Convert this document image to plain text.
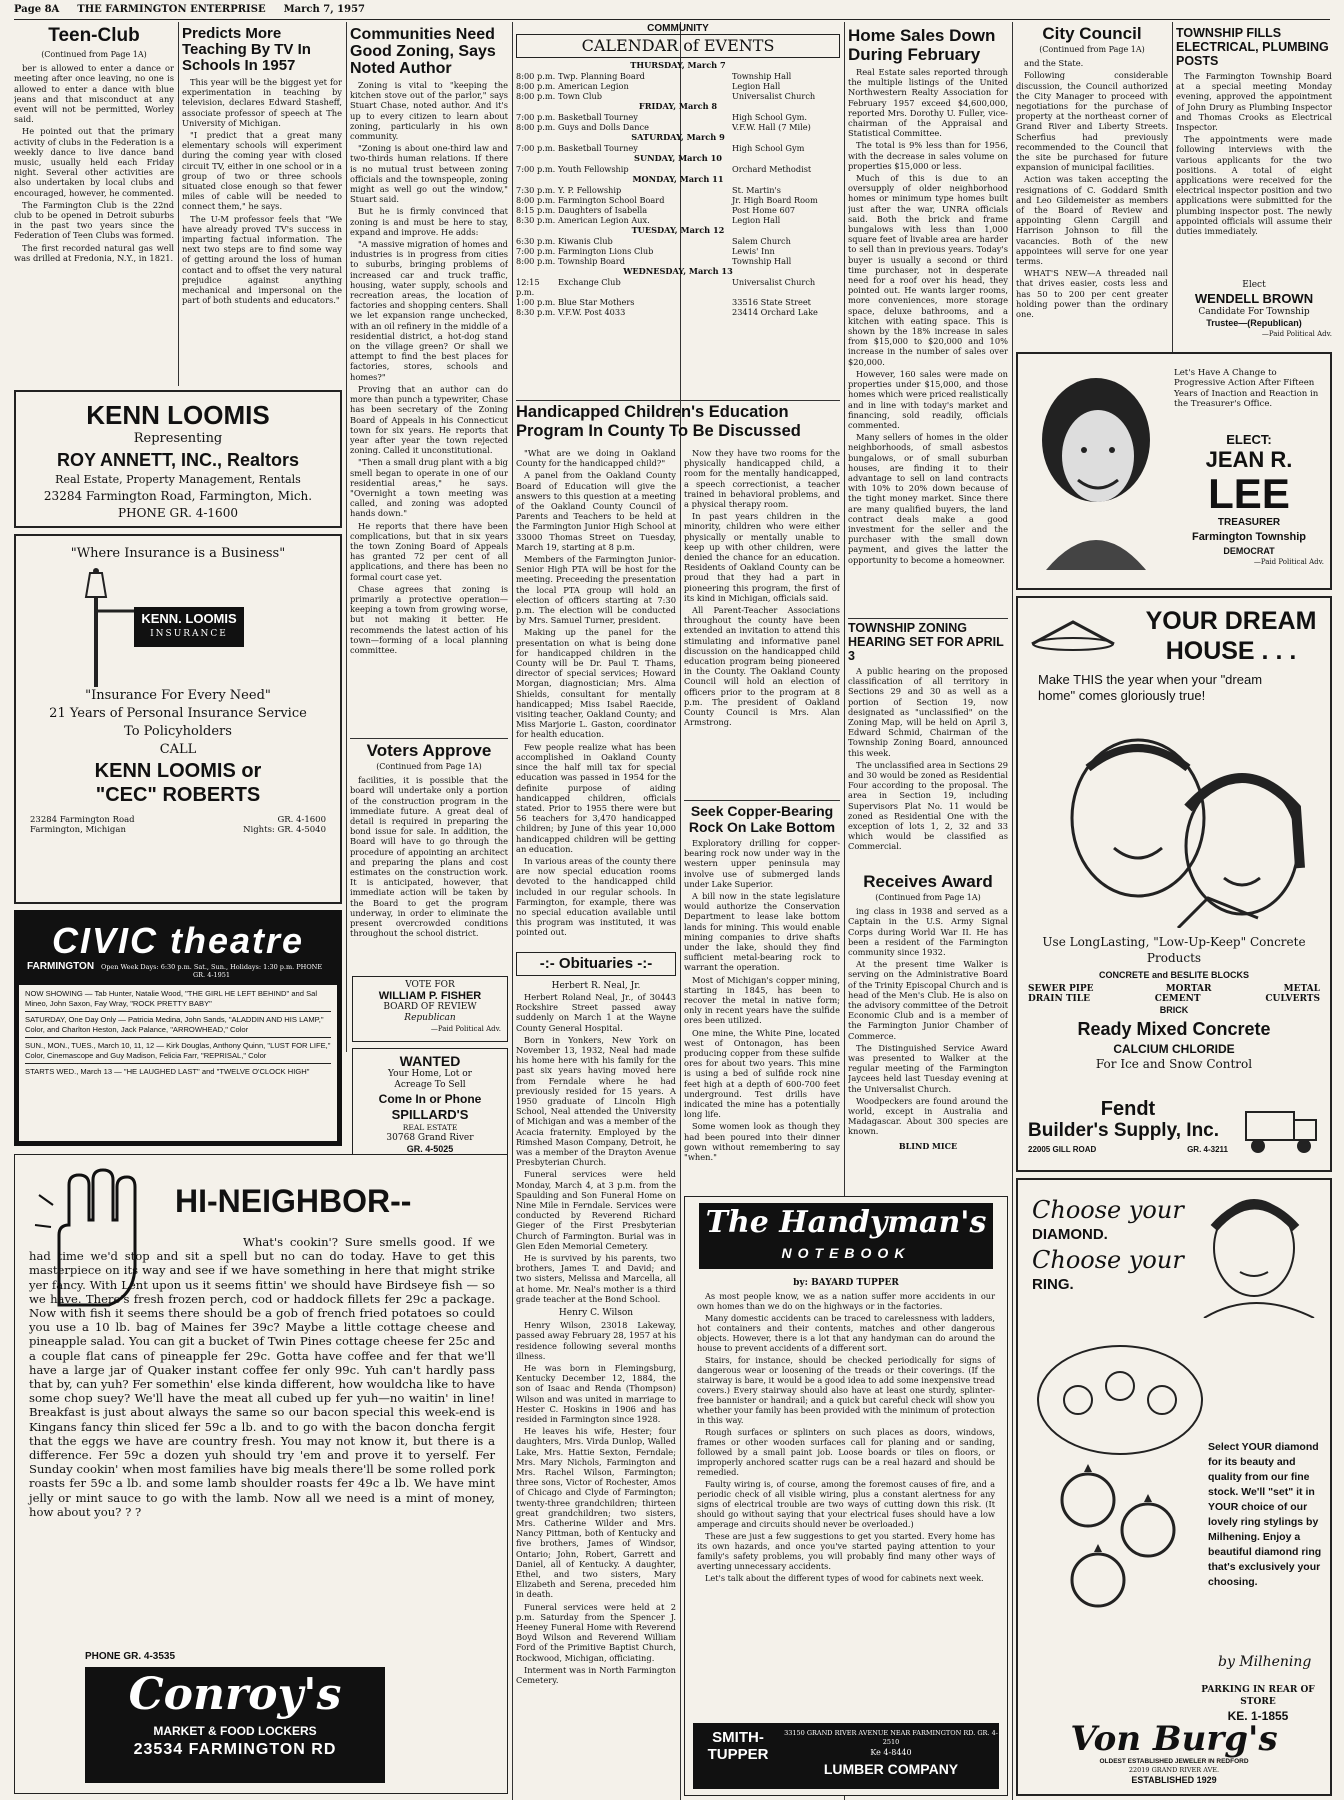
Page 8A THE FARMINGTON ENTERPRISE March 7, 1957
Teen-Club
(Continued from Page 1A)

ber is allowed to enter a dance or meeting after once leaving, no one is allowed to enter a dance with blue jeans and that misconduct at any event will not be permitted, Worley said.

He pointed out that the primary activity of clubs in the Federation is a weekly dance to live dance band music, usually held each Friday night. Several other activities are also undertaken by local clubs and encouraged, however, he commented.

The Farmington Club is the 22nd club to be opened in Detroit suburbs in the past two years since the Federation of Teen Clubs was formed.

The first recorded natural gas well was drilled at Fredonia, N.Y., in 1821.

Predicts More Teaching By TV In Schools In 1957

This year will be the biggest yet for experimentation in teaching by television, declares Edward Stasheff, associate professor of speech at The University of Michigan.

"I predict that a great many elementary schools will experiment during the coming year with closed circuit TV, either in one school or in a group of two or three schools situated close enough so that fewer miles of cable will be needed to connect them," he says.

The U-M professor feels that "We have already proved TV's success in imparting factual information. The next two steps are to find some way of getting around the loss of human contact and to offset the very natural prejudice against anything mechanical and impersonal on the part of both students and educators."

KENN LOOMIS
Representing
ROY ANNETT, INC., Realtors
Real Estate, Property Management, Rentals
23284 Farmington Road, Farmington, Mich.
PHONE GR. 4-1600
"Where Insurance is a Business"
KENN. LOOMIS
INSURANCE
"Insurance For Every Need"
21 Years of Personal Insurance Service
To Policyholders
CALL
KENN LOOMIS or
"CEC" ROBERTS
23284 Farmington Road
Farmington, Michigan
GR. 4-1600
Nights: GR. 4-5040
CIVIC theatre
FARMINGTON	Open Week Days: 6:30 p.m. Sat., Sun., Holidays: 1:30 p.m. PHONE GR. 4-1951
NOW SHOWING — Tab Hunter, Natalie Wood, "THE GIRL HE LEFT BEHIND" and Sal Mineo, John Saxon, Fay Wray, "ROCK PRETTY BABY"
SATURDAY, One Day Only — Patricia Medina, John Sands, "ALADDIN AND HIS LAMP," Color, and Charlton Heston, Jack Palance, "ARROWHEAD," Color
SUN., MON., TUES., March 10, 11, 12 — Kirk Douglas, Anthony Quinn, "LUST FOR LIFE," Color, Cinemascope and Guy Madison, Felicia Farr, "REPRISAL," Color
STARTS WED., March 13 — "HE LAUGHED LAST" and "TWELVE O'CLOCK HIGH"
Communities Need Good Zoning, Says Noted Author

Zoning is vital to "keeping the kitchen stove out of the parlor," says Stuart Chase, noted author. And it's up to every citizen to learn about zoning, particularly in his own community.

"Zoning is about one-third law and two-thirds human relations. If there is no mutual trust between zoning officials and the townspeople, zoning might as well go out the window," Stuart said.

But he is firmly convinced that zoning is and must be here to stay, expand and improve. He adds:

"A massive migration of homes and industries is in progress from cities to suburbs, bringing problems of increased car and truck traffic, housing, water supply, schools and recreation areas, the location of factories and shopping centers. Shall we let expansion range unchecked, with an oil refinery in the middle of a residential district, a hot-dog stand on the village green? Or shall we attempt to find the best places for factories, stores, schools and homes?"

Proving that an author can do more than punch a typewriter, Chase has been secretary of the Zoning Board of Appeals in his Connecticut town for six years. He reports that year after year the town rejected zoning. Called it unconstitutional.

"Then a small drug plant with a big smell began to operate in one of our residential areas," he says. "Overnight a town meeting was called, and zoning was adopted hands down."

He reports that there have been complications, but that in six years the town Zoning Board of Appeals has granted 72 per cent of all applications, and there has been no formal court case yet.

Chase agrees that zoning is primarily a protective operation—keeping a town from growing worse, but not making it better. He recommends the latest action of his town—forming of a local planning committee.

Voters Approve
(Continued from Page 1A)

facilities, it is possible that the board will undertake only a portion of the construction program in the immediate future. A great deal of detail is required in preparing the bond issue for sale. In addition, the Board will have to go through the procedure of appointing an architect and preparing the plans and cost estimates on the construction work. It is anticipated, however, that immediate action will be taken by the Board to get the program underway, in order to eliminate the present overcrowded conditions throughout the school district.

VOTE FOR
WILLIAM P. FISHER
BOARD OF REVIEW
Republican
—Paid Political Adv.
WANTED
Your Home, Lot or
Acreage To Sell
Come In or Phone
SPILLARD'S
REAL ESTATE
30768 Grand River
GR. 4-5025
HI-NEIGHBOR--
What's cookin'? Sure smells good. If we had time we'd stop and sit a spell but no can do today. Have to get this masterpiece on its way and see if we have something in here that might strike yer fancy. With Lent upon us it seems fittin' we should have Birdseye fish — so we have. There's fresh frozen perch, cod or haddock fillets fer 29c a package. Now with fish it seems there should be a gob of french fried potatoes so could you use a 10 lb. bag of Maines fer 39c? Maybe a little cottage cheese and pineapple salad. You can git a bucket of Twin Pines cottage cheese fer 25c and a couple flat cans of pineapple fer 29c. Gotta have coffee and fer that we'll have a large jar of Quaker instant coffee fer only 99c. Yuh can't hardly pass that by, can yuh? Fer somethin' else kinda different, how wouldcha like to have some chop suey? We'll have the meat all cubed up fer yuh—no waitin' in line! Breakfast is just about always the same so our bacon special this week-end is Kingans fancy thin sliced fer 59c a lb. and to go with the bacon doncha fergit that the eggs we have are country fresh. You may not know it, but there is a difference. Fer 59c a dozen yuh should try 'em and prove it to yerself. Fer Sunday cookin' when most families have big meals there'll be some rolled pork roasts fer 59c a lb. and some lamb shoulder roasts fer 49c a lb. We have mint jelly or mint sauce to go with the lamb. Now all we need is a mint of money, how about you? ? ?
PHONE GR. 4-3535
Conroy's
MARKET & FOOD LOCKERS
23534 FARMINGTON RD
COMMUNITY
CALENDAR of EVENTS
THURSDAY, March 7
8:00 p.m. Twp. Planning Board	Township Hall
8:00 p.m. American Legion	Legion Hall
8:00 p.m. Town Club	Universalist Church
FRIDAY, March 8
7:00 p.m. Basketball Tourney	High School Gym.
8:00 p.m. Guys and Dolls Dance	V.F.W. Hall (7 Mile)
SATURDAY, March 9
7:00 p.m. Basketball Tourney	High School Gym
SUNDAY, March 10
7:00 p.m. Youth Fellowship	Orchard Methodist
MONDAY, March 11
7:30 p.m. Y. P. Fellowship	St. Martin's
8:00 p.m. Farmington School Board	Jr. High Board Room
8:15 p.m. Daughters of Isabella	Post Home 607
8:30 p.m. American Legion Aux.	Legion Hall
TUESDAY, March 12
6:30 p.m. Kiwanis Club	Salem Church
7:00 p.m. Farmington Lions Club	Lewis' Inn
8:00 p.m. Township Board	Township Hall
WEDNESDAY, March 13
12:15 p.m.
Exchange Club	Universalist Church
1:00 p.m. Blue Star Mothers	33516 State Street
8:30 p.m. V.F.W. Post 4033	23414 Orchard Lake
Handicapped Children's Education Program In County To Be Discussed

"What are we doing in Oakland County for the handicapped child?"

A panel from the Oakland County Board of Education will give the answers to this question at a meeting of the Oakland County Council of Parents and Teachers to be held at the Farmington Junior High School at 33000 Thomas Street on Tuesday, March 19, starting at 8 p.m.

Members of the Farmington Junior-Senior High PTA will be host for the meeting. Preceeding the presentation the local PTA group will hold an election of officers starting at 7:30 p.m. The election will be conducted by Mrs. Samuel Turner, president.

Making up the panel for the presentation on what is being done for handicapped children in the County will be Dr. Paul T. Thams, director of special services; Howard Morgan, diagnostician; Mrs. Alma Shields, consultant for mentally handicapped; Miss Isabel Raecide, visiting teacher, Oakland County; and Miss Marjorie L. Gaston, coordinator for health education.

Few people realize what has been accomplished in Oakland County since the half mill tax for special education was passed in 1954 for the definite purpose of aiding handicapped children, officials stated. Prior to 1955 there were but 56 teachers for 3,470 handicapped children; by June of this year 10,000 handicapped children will be getting an education.

In various areas of the county there are now special education rooms devoted to the handicapped child included in our regular schools. In Farmington, for example, there was no special education available until this program was instituted, it was pointed out.

Now they have two rooms for the physically handicapped child, a room for the mentally handicapped, a speech correctionist, a teacher trained in behavioral problems, and a physical therapy room.

In past years children in the minority, children who were either physically or mentally unable to keep up with other children, were denied the chance for an education. Residents of Oakland County can be proud that they had a part in pioneering this program, the first of its kind in Michigan, officials said.

All Parent-Teacher Associations throughout the county have been extended an invitation to attend this stimulating and informative panel discussion on the handicapped child education program being pioneered in the County. The Oakland County Council will hold an election of officers prior to the program at 8 p.m. The president of Oakland County Council is Mrs. Alan Armstrong.

-:- Obituaries -:-
Herbert R. Neal, Jr.

Herbert Roland Neal, Jr., of 30443 Rockshire Street passed away suddenly on March 1 at the Wayne County General Hospital.

Born in Yonkers, New York on November 13, 1932, Neal had made his home here with his family for the past six years having moved here from Ferndale where he had previously resided for 15 years. A 1950 graduate of Lincoln High School, Neal attended the University of Michigan and was a member of the Acacia fraternity. Employed by the Rimshed Mason Company, Detroit, he was a member of the Drayton Avenue Presbyterian Church.

Funeral services were held Monday, March 4, at 3 p.m. from the Spaulding and Son Funeral Home on Nine Mile in Ferndale. Services were conducted by Reverend Richard Gieger of the First Presbyterian Church of Farmington. Burial was in Glen Eden Memorial Cemetery.

He is survived by his parents, two brothers, James T. and David; and two sisters, Melissa and Marcella, all at home. Mr. Neal's mother is a third grade teacher at the Bond School.

Henry C. Wilson

Henry Wilson, 23018 Lakeway, passed away February 28, 1957 at his residence following several months illness.

He was born in Flemingsburg, Kentucky December 12, 1884, the son of Isaac and Renda (Thompson) Wilson and was united in marriage to Hester C. Hoskins in 1906 and has resided in Farmington since 1928.

He leaves his wife, Hester; four daughters, Mrs. Virda Dunlop, Walled Lake, Mrs. Hattie Sexton, Ferndale; Mrs. Mary Nichols, Farmington and Mrs. Rachel Wilson, Farmington; three sons, Victor of Rochester, Amos of Chicago and Clyde of Farmington; twenty-three grandchildren; thirteen great grandchildren; two sisters, Mrs. Catherine Wilder and Mrs. Nancy Pittman, both of Kentucky and five brothers, James of Windsor, Ontario; John, Robert, Garrett and Daniel, all of Kentucky. A daughter, Ethel, and two sisters, Mary Elizabeth and Serena, preceded him in death.

Funeral services were held at 2 p.m. Saturday from the Spencer J. Heeney Funeral Home with Reverend Boyd Wilson and Reverend William Ford of the Primitive Baptist Church, Rockwood, Michigan, officiating.

Interment was in North Farmington Cemetery.

Seek Copper-Bearing Rock On Lake Bottom

Exploratory drilling for copper-bearing rock now under way in the western upper peninsula may involve use of submerged lands under Lake Superior.

A bill now in the state legislature would authorize the Conservation Department to lease lake bottom lands for mining. This would enable mining companies to drive shafts under the lake, should they find sufficient metal-bearing rock to warrant the operation.

Most of Michigan's copper mining, starting in 1845, has been to recover the metal in native form; only in recent years have the sulfide ores been utilized.

One mine, the White Pine, located west of Ontonagon, has been producing copper from these sulfide ores for about two years. This mine is using a bed of sulfide rock nine feet high at a depth of 600-700 feet underground. Test drills have indicated the mine has a potentially long life.

Some women look as though they had been poured into their dinner gown without remembering to say "when."

The Handyman's
NOTEBOOK
by: BAYARD TUPPER

As most people know, we as a nation suffer more accidents in our own homes than we do on the highways or in the factories.

Many domestic accidents can be traced to carelessness with ladders, hot containers and their contents, matches and other dangerous objects. However, there is a lot that any handyman can do around the house to prevent accidents of a different sort.

Stairs, for instance, should be checked periodically for signs of dangerous wear or loosening of the treads or their coverings. (If the stairway is bare, it would be a good idea to add some inexpensive tread covers.) Every stairway should also have at least one sturdy, splinter-free bannister or handrail; and a quick but careful check will show you whether your family has been provided with the minimum of protection in this way.

Rough surfaces or splinters on such places as doors, windows, frames or other wooden surfaces call for planing and or sanding, followed by a small paint job. Loose boards or tiles on floors, or improperly anchored scatter rugs can be a real hazard and should be remedied.

Faulty wiring is, of course, among the foremost causes of fire, and a periodic check of all visible wiring, plus a constant alertness for any signs of electrical trouble are two ways of cutting down this risk. (It should go without saying that your electrical fuses should have a low amperage and circuits should never be overloaded.)

These are just a few suggestions to get you started. Every home has its own hazards, and once you've started paying attention to your family's safety problems, you will probably find many other ways of averting unnecessary accidents.

Let's talk about the different types of wood for cabinets next week.

SMITH-
TUPPER
33150 GRAND RIVER AVENUE NEAR FARMINGTON RD. GR. 4-2510
Ke 4-8440
LUMBER COMPANY
Home Sales Down During February

Real Estate sales reported through the multiple listings of the United Northwestern Realty Association for February 1957 exceed $4,600,000, reported Mrs. Dorothy U. Fuller, vice-chairman of the Appraisal and Statistical Committee.

The total is 9% less than for 1956, with the decrease in sales volume on properties $15,000 or less.

Much of this is due to an oversupply of older neighborhood homes or minimum type homes built just after the war, UNRA officials said. Both the brick and frame bungalows with less than 1,000 square feet of livable area are harder to sell than in previous years. Today's buyer is usually a second or third time purchaser, not in desperate need for a roof over his head, they pointed out. He wants larger rooms, more conveniences, more storage space, deluxe bathrooms, and a kitchen with eating space. This is shown by the 18% increase in sales from $15,000 to $20,000 and 10% increase in the number of sales over $20,000.

However, 160 sales were made on properties under $15,000, and those homes which were priced realistically and in line with today's market and financing, sold readily, officials commented.

Many sellers of homes in the older neighborhoods, of small asbestos bungalows, or of small suburban houses, are finding it to their advantage to sell on land contracts with 10% to 20% down because of the tight money market. Since there are many qualified buyers, the land contract deals make a good investment for the seller and the purchaser with the small down payment, and gives the latter the opportunity to become a homeowner.

TOWNSHIP ZONING HEARING SET FOR APRIL 3

A public hearing on the proposed classification of all territory in Sections 29 and 30 as well as a portion of Section 19, now designated as "unclassified" on the Zoning Map, will be held on April 3, Edward Schmid, Chairman of the Township Zoning Board, announced this week.

The unclassified area in Sections 29 and 30 would be zoned as Residential Four according to the proposal. The area in Section 19, including Supervisors Plat No. 11 would be zoned as Residential One with the exception of lots 1, 2, 32 and 33 which would be classified as Commercial.

Receives Award
(Continued from Page 1A)

ing class in 1938 and served as a Captain in the U.S. Army Signal Corps during World War II. He has been a resident of the Farmington community since 1932.

At the present time Walker is serving on the Administrative Board of the Trinity Episcopal Church and is head of the Men's Club. He is also on the advisory committee of the Detroit Economic Club and is a member of the Farmington Junior Chamber of Commerce.

The Distinguished Service Award was presented to Walker at the regular meeting of the Farmington Jaycees held last Tuesday evening at the Universalist Church.

Woodpeckers are found around the world, except in Australia and Madagascar. About 300 species are known.

BLIND MICE
City Council
(Continued from Page 1A)

and the State.

Following considerable discussion, the Council authorized the City Manager to proceed with negotiations for the purchase of property at the northeast corner of Grand River and Liberty Streets. Scherfius had previously recommended to the Council that the site be purchased for future expansion of municipal facilities.

Action was taken accepting the resignations of C. Goddard Smith and Leo Gildemeister as members of the Board of Review and appointing Glenn Cargill and Harrison Johnson to fill the vacancies. Both of the new appointees will serve for one year terms.

WHAT'S NEW—A threaded nail that drives easier, costs less and has 50 to 200 per cent greater holding power than the ordinary one.

TOWNSHIP FILLS ELECTRICAL, PLUMBING POSTS

The Farmington Township Board at a special meeting Monday evening, approved the appointment of John Drury as Plumbing Inspector and Thomas Crooks as Electrical Inspector.

The appointments were made following interviews with the various applicants for the two positions. A total of eight applications were received for the electrical inspector position and two applications were submitted for the plumbing inspector post. The newly appointed officials will assume their duties immediately.

Elect
WENDELL BROWN
Candidate For Township
Trustee—(Republican)
—Paid Political Adv.
Let's Have A Change to Progressive Action After Fifteen Years of Inaction and Reaction in the Treasurer's Office.
ELECT:
JEAN R.
LEE
TREASURER
Farmington Township
DEMOCRAT
—Paid Political Adv.
YOUR DREAM
HOUSE . . .
Make THIS the year when your "dream home" comes gloriously true!
Use LongLasting, "Low-Up-Keep" Concrete Products
CONCRETE and BESLITE BLOCKS
SEWER PIPE	MORTAR	METAL
DRAIN TILE	CEMENT	CULVERTS
BRICK
Ready Mixed Concrete
CALCIUM CHLORIDE
For Ice and Snow Control
Fendt
Builder's Supply, Inc.
22005 GILL ROAD	GR. 4-3211
Choose your
DIAMOND.
Choose your
RING.
Select YOUR diamond for its beauty and quality from our fine stock. We'll "set" it in YOUR choice of our lovely ring stylings by Milhening. Enjoy a beautiful diamond ring that's exclusively your choosing.
by Milhening
PARKING IN REAR OF STORE
KE. 1-1855
Von Burg's
OLDEST ESTABLISHED JEWELER IN REDFORD
22019 GRAND RIVER AVE.
ESTABLISHED 1929
